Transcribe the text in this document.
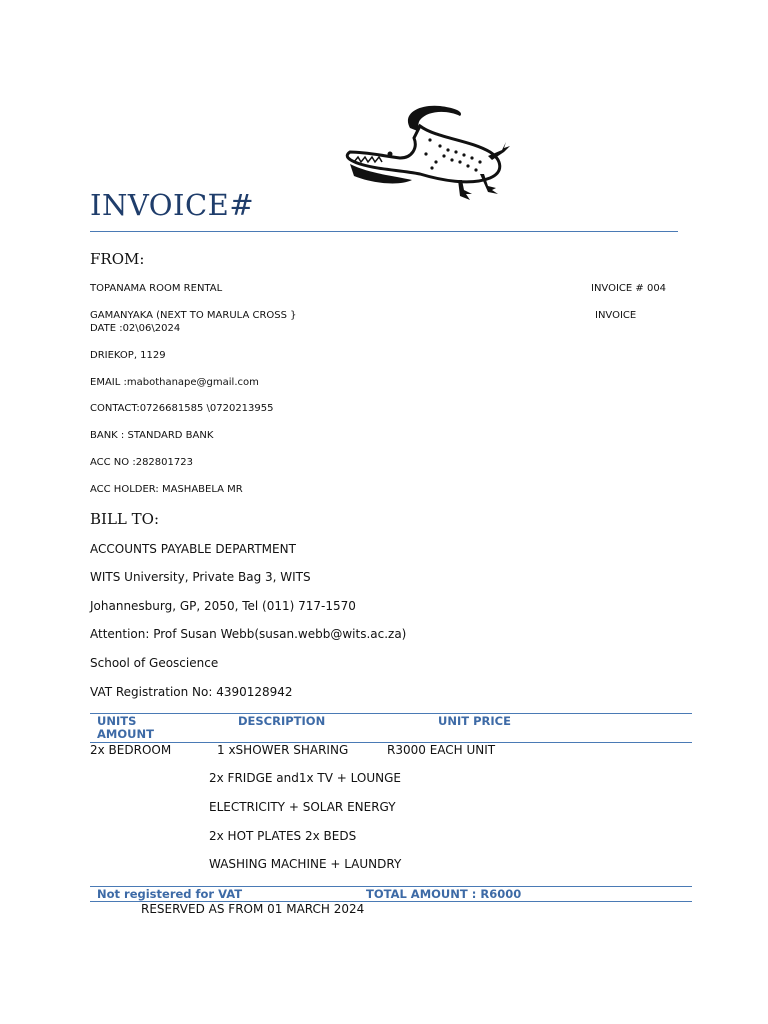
INVOICE#
FROM:
TOPANAMA ROOM RENTAL	INVOICE # 004
GAMANYAKA (NEXT TO MARULA CROSS }	INVOICE
DATE :02\06\2024
DRIEKOP, 1129
EMAIL :mabothanape@gmail.com
CONTACT:0726681585 \0720213955
BANK : STANDARD BANK
ACC NO :282801723
ACC HOLDER: MASHABELA MR
BILL TO:
ACCOUNTS PAYABLE DEPARTMENT
WITS University, Private Bag 3, WITS
Johannesburg, GP, 2050, Tel (011) 717-1570
Attention: Prof Susan Webb(susan.webb@wits.ac.za)
School of Geoscience
VAT Registration No: 4390128942
UNITS	DESCRIPTION	UNIT PRICE
AMOUNT
2x BEDROOM	1 xSHOWER SHARING	R3000 EACH UNIT
2x FRIDGE and1x TV + LOUNGE
ELECTRICITY + SOLAR ENERGY
2x HOT PLATES 2x BEDS
WASHING MACHINE + LAUNDRY
Not registered for VAT	TOTAL AMOUNT : R6000
RESERVED AS FROM 01 MARCH 2024
